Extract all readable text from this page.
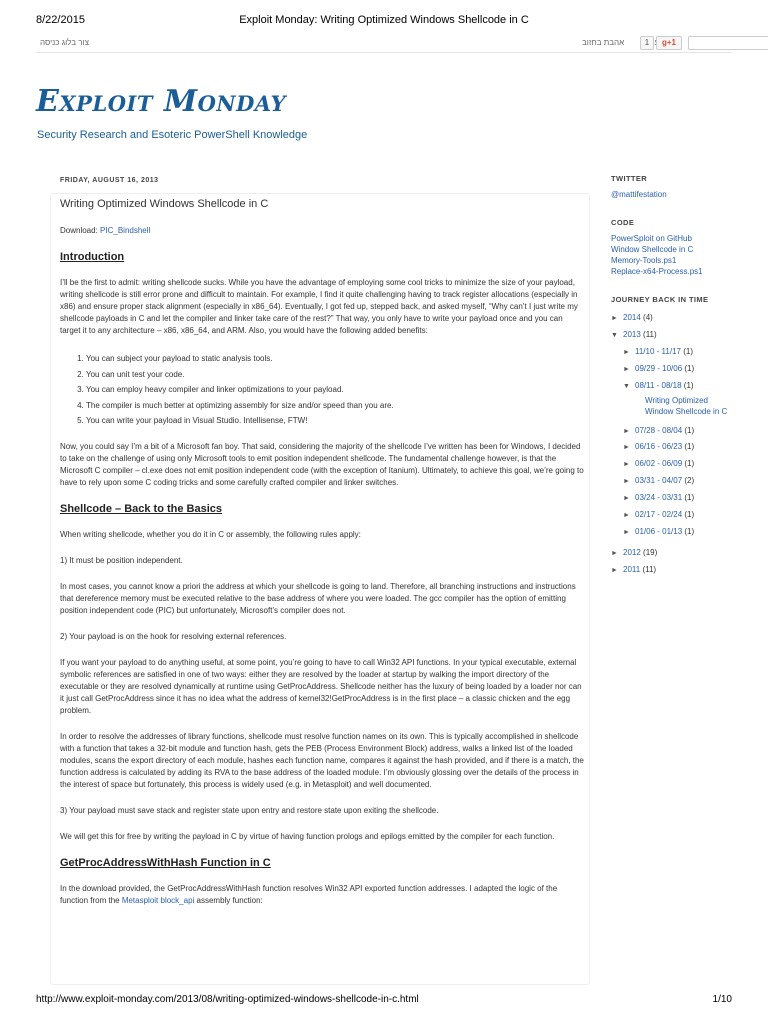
8/22/2015	Exploit Monday: Writing Optimized Windows Shellcode in C
צור בלוג כניסה	אהבת בחזוב	1	g+1
Exploit Monday
Security Research and Esoteric PowerShell Knowledge
FRIDAY, AUGUST 16, 2013
Writing Optimized Windows Shellcode in C

Download: PIC_Bindshell

Introduction

I’ll be the first to admit: writing shellcode sucks. While you have the advantage of employing some cool tricks to minimize the size of your payload, writing shellcode is still error prone and difficult to maintain. For example, I find it quite challenging having to track register allocations (especially in x86) and ensure proper stack alignment (especially in x86_64). Eventually, I got fed up, stepped back, and asked myself, “Why can’t I just write my shellcode payloads in C and let the compiler and linker take care of the rest?” That way, you only have to write your payload once and you can target it to any architecture – x86, x86_64, and ARM. Also, you would have the following added benefits:

1. You can subject your payload to static analysis tools.
2. You can unit test your code.
3. You can employ heavy compiler and linker optimizations to your payload.
4. The compiler is much better at optimizing assembly for size and/or speed than you are.
5. You can write your payload in Visual Studio. Intellisense, FTW!

Now, you could say I’m a bit of a Microsoft fan boy. That said, considering the majority of the shellcode I’ve written has been for Windows, I decided to take on the challenge of using only Microsoft tools to emit position independent shellcode. The fundamental challenge however, is that the Microsoft C compiler – cl.exe does not emit position independent code (with the exception of Itanium). Ultimately, to achieve this goal, we’re going to have to rely upon some C coding tricks and some carefully crafted compiler and linker switches.

Shellcode – Back to the Basics

When writing shellcode, whether you do it in C or assembly, the following rules apply:

1) It must be position independent.

In most cases, you cannot know a priori the address at which your shellcode is going to land. Therefore, all branching instructions and instructions that dereference memory must be executed relative to the base address of where you were loaded. The gcc compiler has the option of emitting position independent code (PIC) but unfortunately, Microsoft’s compiler does not.

2) Your payload is on the hook for resolving external references.

If you want your payload to do anything useful, at some point, you’re going to have to call Win32 API functions. In your typical executable, external symbolic references are satisfied in one of two ways: either they are resolved by the loader at startup by walking the import directory of the executable or they are resolved dynamically at runtime using GetProcAddress. Shellcode neither has the luxury of being loaded by a loader nor can it just call GetProcAddress since it has no idea what the address of kernel32!GetProcAddress is in the first place – a classic chicken and the egg problem.

In order to resolve the addresses of library functions, shellcode must resolve function names on its own. This is typically accomplished in shellcode with a function that takes a 32-bit module and function hash, gets the PEB (Process Environment Block) address, walks a linked list of the loaded modules, scans the export directory of each module, hashes each function name, compares it against the hash provided, and if there is a match, the function address is calculated by adding its RVA to the base address of the loaded module. I’m obviously glossing over the details of the process in the interest of space but fortunately, this process is widely used (e.g. in Metasploit) and well documented.

3) Your payload must save stack and register state upon entry and restore state upon exiting the shellcode.

We will get this for free by writing the payload in C by virtue of having function prologs and epilogs emitted by the compiler for each function.

GetProcAddressWithHash Function in C

In the download provided, the GetProcAddressWithHash function resolves Win32 API exported function addresses. I adapted the logic of the function from the Metasploit block_api assembly function:

TWITTER
@mattifestation
CODE
PowerSploit on GitHub
Window Shellcode in C
Memory-Tools.ps1
Replace-x64-Process.ps1
JOURNEY BACK IN TIME
► 2014 (4)
▼ 2013 (11)
► 11/10 - 11/17 (1)
► 09/29 - 10/06 (1)
▼ 08/11 - 08/18 (1)
Writing Optimized Window Shellcode in C
► 07/28 - 08/04 (1)
► 06/16 - 06/23 (1)
► 06/02 - 06/09 (1)
► 03/31 - 04/07 (2)
► 03/24 - 03/31 (1)
► 02/17 - 02/24 (1)
► 01/06 - 01/13 (1)
► 2012 (19)
► 2011 (11)
http://www.exploit-monday.com/2013/08/writing-optimized-windows-shellcode-in-c.html	1/10
